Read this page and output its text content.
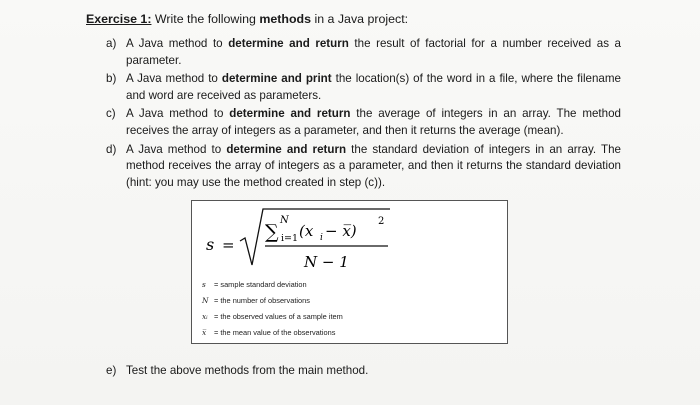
Exercise 1: Write the following methods in a Java project:
a) A Java method to determine and return the result of factorial for a number received as a parameter.
b) A Java method to determine and print the location(s) of the word in a file, where the filename and word are received as parameters.
c) A Java method to determine and return the average of integers in an array. The method receives the array of integers as a parameter, and then it returns the average (mean).
d) A Java method to determine and return the standard deviation of integers in an array. The method receives the array of integers as a parameter, and then it returns the standard deviation (hint: you may use the method created in step (c)).
s =
∑
N
i=1 (x i − x̅)
2
N − 1
s = sample standard deviation
N = the number of observations
xᵢ = the observed values of a sample item
x̅ = the mean value of the observations
e) Test the above methods from the main method.
